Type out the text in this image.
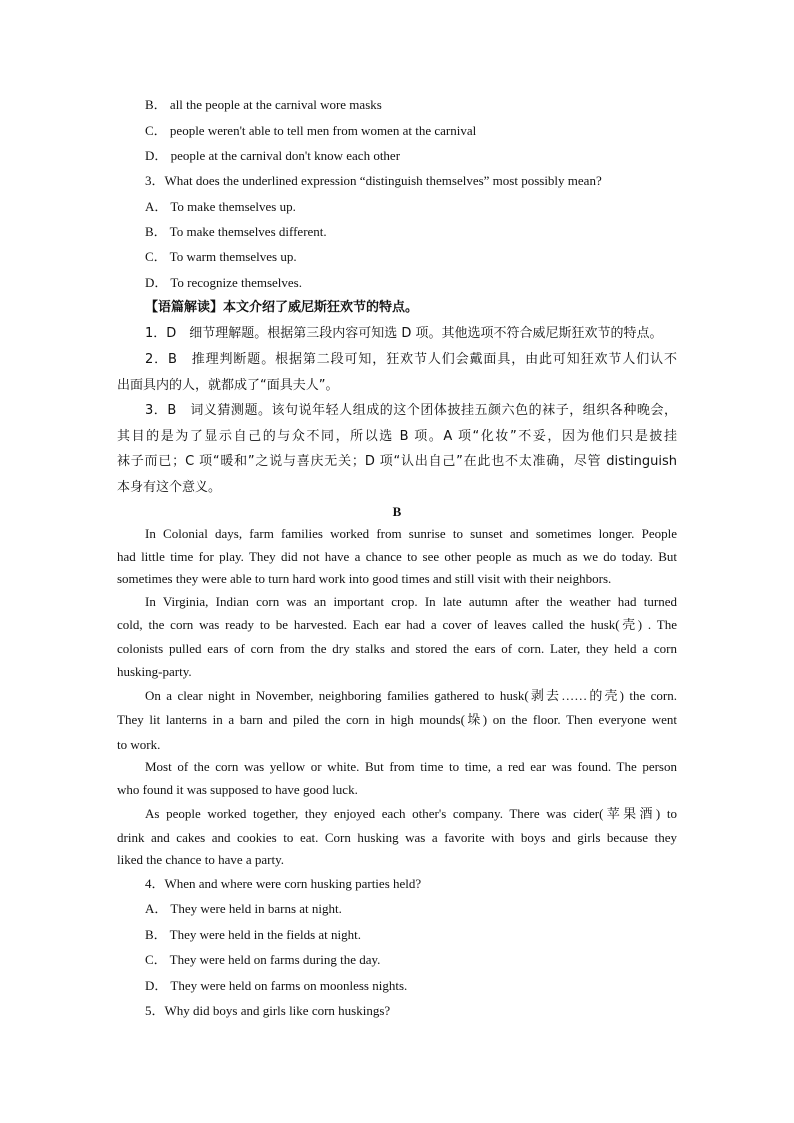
B． all the people at the carnival wore masks
C． people weren't able to tell men from women at the carnival
D． people at the carnival don't know each other
3．What does the underlined expression “distinguish themselves” most possibly mean?
A． To make themselves up.
B． To make themselves different.
C． To warm themselves up.
D． To recognize themselves.
【语篇解读】本文介绍了威尼斯狂欢节的特点。
1．D　细节理解题。根据第三段内容可知选 D 项。其他选项不符合威尼斯狂欢节的特点。
2．B　推理判断题。根据第二段可知，狂欢节人们会戴面具，由此可知狂欢节人们认不
出面具内的人，就都成了“面具夫人”。
3．B　词义猜测题。该句说年轻人组成的这个团体披挂五颜六色的袜子，组织各种晚会，
其目的是为了显示自己的与众不同，所以选 B 项。A 项“化妆”不妥，因为他们只是披挂
袜子而已；C 项“暖和”之说与喜庆无关；D 项“认出自己”在此也不太准确，尽管 distinguish
本身有这个意义。
B
In Colonial days, farm families worked from sunrise to sunset and sometimes longer. People
had little time for play. They did not have a chance to see other people as much as we do today. But
sometimes they were able to turn hard work into good times and still visit with their neighbors.
In Virginia, Indian corn was an important crop. In late autumn after the weather had turned
cold, the corn was ready to be harvested. Each ear had a cover of leaves called the husk(壳) . The
colonists pulled ears of corn from the dry stalks and stored the ears of corn. Later, they held a corn
husking-party.
On a clear night in November, neighboring families gathered to husk(剥去……的壳) the corn.
They lit lanterns in a barn and piled the corn in high mounds(垛) on the floor. Then everyone went
to work.
Most of the corn was yellow or white. But from time to time, a red ear was found. The person
who found it was supposed to have good luck.
As people worked together, they enjoyed each other's company. There was cider(苹果酒) to
drink and cakes and cookies to eat. Corn husking was a favorite with boys and girls because they
liked the chance to have a party.
4．When and where were corn husking parties held?
A． They were held in barns at night.
B． They were held in the fields at night.
C． They were held on farms during the day.
D． They were held on farms on moonless nights.
5．Why did boys and girls like corn huskings?
